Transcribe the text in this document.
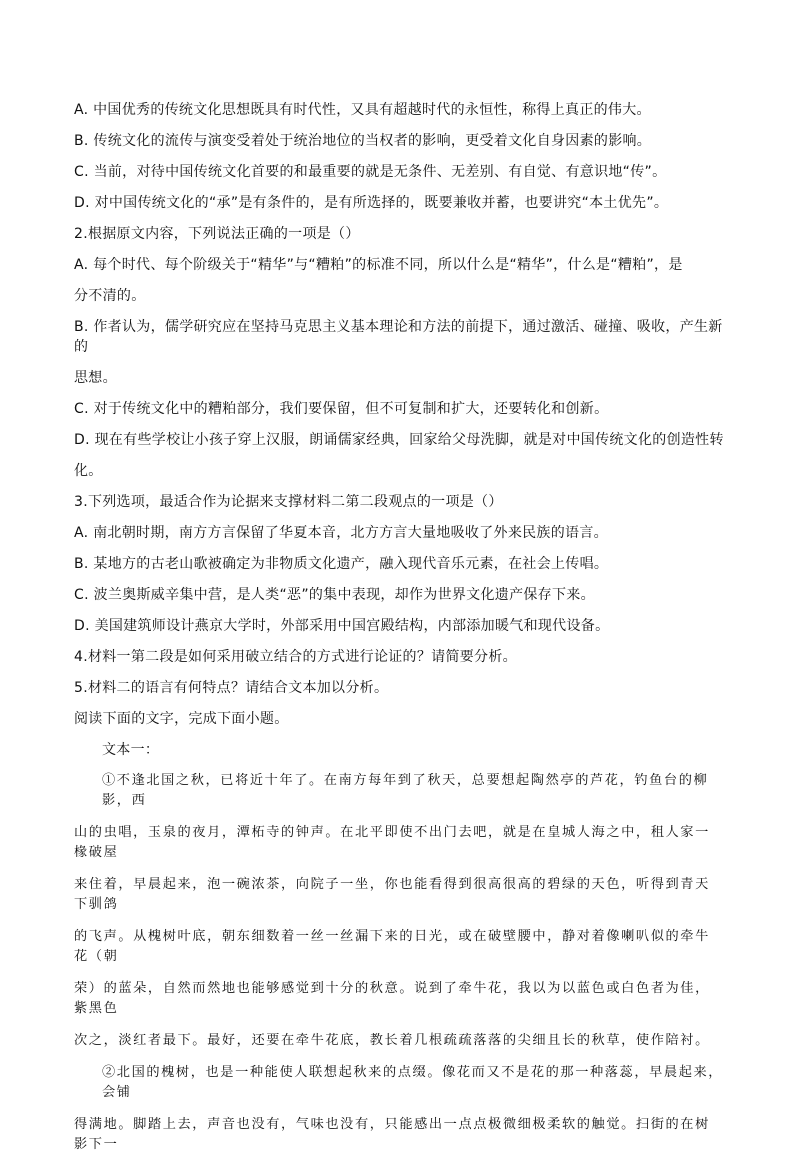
A. 中国优秀的传统文化思想既具有时代性，又具有超越时代的永恒性，称得上真正的伟大。
B. 传统文化的流传与演变受着处于统治地位的当权者的影响，更受着文化自身因素的影响。
C. 当前，对待中国传统文化首要的和最重要的就是无条件、无差别、有自觉、有意识地“传”。
D. 对中国传统文化的“承”是有条件的，是有所选择的，既要兼收并蓄，也要讲究“本土优先”。
2.根据原文内容，下列说法正确的一项是（）
A. 每个时代、每个阶级关于“精华”与“糟粕”的标准不同，所以什么是“精华”，什么是“糟粕”，是
分不清的。
B. 作者认为，儒学研究应在坚持马克思主义基本理论和方法的前提下，通过激活、碰撞、吸收，产生新的
思想。
C. 对于传统文化中的糟粕部分，我们要保留，但不可复制和扩大，还要转化和创新。
D. 现在有些学校让小孩子穿上汉服，朗诵儒家经典，回家给父母洗脚，就是对中国传统文化的创造性转
化。
3.下列选项，最适合作为论据来支撑材料二第二段观点的一项是（）
A. 南北朝时期，南方方言保留了华夏本音，北方方言大量地吸收了外来民族的语言。
B. 某地方的古老山歌被确定为非物质文化遗产，融入现代音乐元素，在社会上传唱。
C. 波兰奥斯威辛集中营，是人类“恶”的集中表现，却作为世界文化遗产保存下来。
D. 美国建筑师设计燕京大学时，外部采用中国宫殿结构，内部添加暖气和现代设备。
4.材料一第二段是如何采用破立结合的方式进行论证的？请简要分析。
5.材料二的语言有何特点？请结合文本加以分析。
阅读下面的文字，完成下面小题。
文本一：
①不逢北国之秋，已将近十年了。在南方每年到了秋天，总要想起陶然亭的芦花，钓鱼台的柳影，西
山的虫唱，玉泉的夜月，潭柘寺的钟声。在北平即使不出门去吧，就是在皇城人海之中，租人家一椽破屋
来住着，早晨起来，泡一碗浓茶，向院子一坐，你也能看得到很高很高的碧绿的天色，听得到青天下驯鸽
的飞声。从槐树叶底，朝东细数着一丝一丝漏下来的日光，或在破壁腰中，静对着像喇叭似的牵牛花（朝
荣）的蓝朵，自然而然地也能够感觉到十分的秋意。说到了牵牛花，我以为以蓝色或白色者为佳，紫黑色
次之，淡红者最下。最好，还要在牵牛花底，教长着几根疏疏落落的尖细且长的秋草，使作陪衬。
②北国的槐树，也是一种能使人联想起秋来的点缀。像花而又不是花的那一种落蕊，早晨起来，会铺
得满地。脚踏上去，声音也没有，气味也没有，只能感出一点点极微细极柔软的触觉。扫街的在树影下一
